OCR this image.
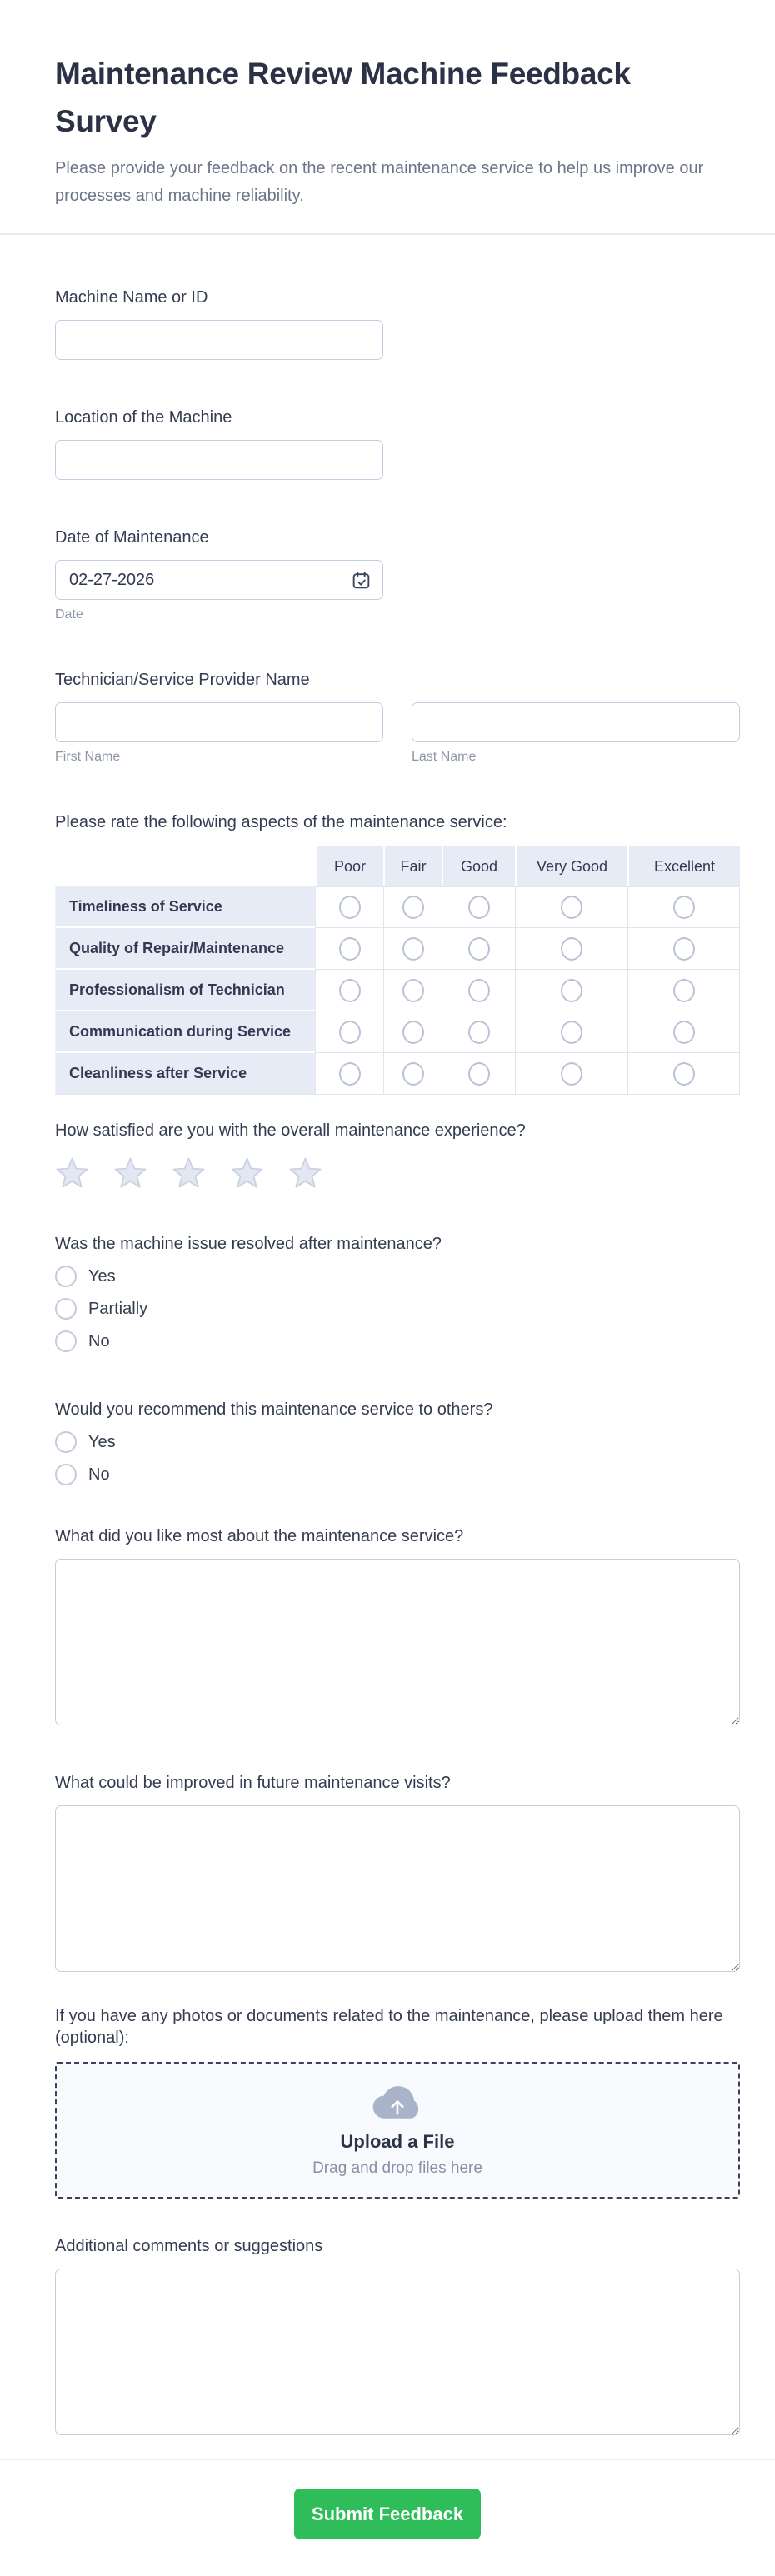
Maintenance Review Machine Feedback Survey
Please provide your feedback on the recent maintenance service to help us improve our processes and machine reliability.
Machine Name or ID
Location of the Machine
Date of Maintenance
02-27-2026
Date
Technician/Service Provider Name
First Name	Last Name
Please rate the following aspects of the maintenance service:
	Poor	Fair	Good	Very Good	Excellent
Timeliness of Service					
Quality of Repair/Maintenance					
Professionalism of Technician					
Communication during Service					
Cleanliness after Service					
How satisfied are you with the overall maintenance experience?
Was the machine issue resolved after maintenance?
Yes
Partially
No
Would you recommend this maintenance service to others?
Yes
No
What did you like most about the maintenance service?
What could be improved in future maintenance visits?
If you have any photos or documents related to the maintenance, please upload them here (optional):
Upload a File
Drag and drop files here
Additional comments or suggestions
Submit Feedback
